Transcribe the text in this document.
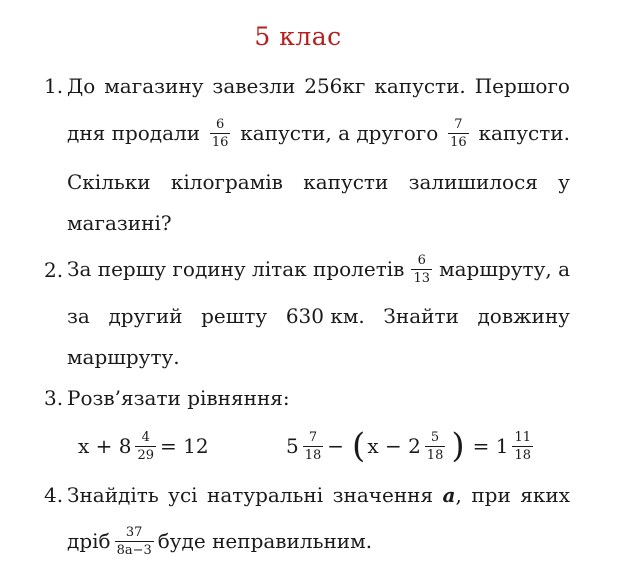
5 клас
1. До магазину завезли 256кг капусти. Першого
дня продали $\frac{6}{16}$ капусти, а другого $\frac{7}{16}$ капусти.
Скільки кілограмів капусти залишилося у
магазині?
2. За першу годину літак пролетів $\frac{6}{13}$ маршруту, а
за другий решту 630 км. Знайти довжину
маршруту.
3. Розв’язати рівняння:
$x + 8 \frac{4}{29} = 12$	$5 \frac{7}{18}$ − ( $x - 2 \frac{5}{18}$ ) = $1 \frac{11}{18}$
4. Знайдіть усі натуральні значення а, при яких
дріб $\frac{37}{8a-3}$ буде неправильним.
